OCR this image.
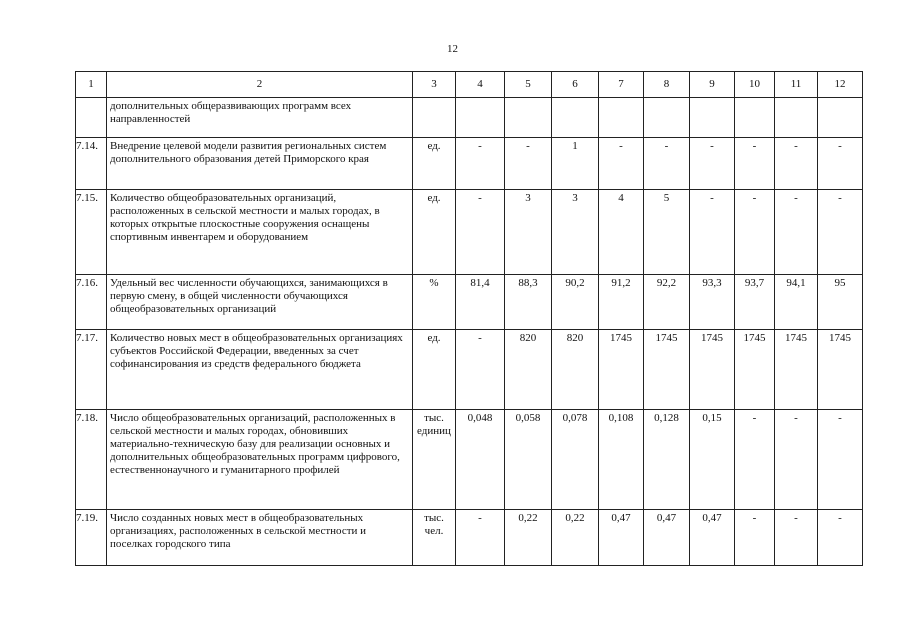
12
1	2	3	4	5	6	7	8	9	10	11	12
	дополнительных общеразвивающих программ всех направленностей										
7.14.	Внедрение целевой модели развития региональных систем дополнительного образования детей Приморского края	ед.	-	-	1	-	-	-	-	-	-
7.15.	Количество общеобразовательных организаций, расположенных в сельской местности и малых городах, в которых открытые плоскостные сооружения оснащены спортивным инвентарем и оборудованием	ед.	-	3	3	4	5	-	-	-	-
7.16.	Удельный вес численности обучающихся, занимающихся в первую смену, в общей численности обучающихся общеобразовательных организаций	%	81,4	88,3	90,2	91,2	92,2	93,3	93,7	94,1	95
7.17.	Количество новых мест в общеобразовательных организациях субъектов Российской Федерации, введенных за счет софинансирования из средств федерального бюджета	ед.	-	820	820	1745	1745	1745	1745	1745	1745
7.18.	Число общеобразовательных организаций, расположенных в сельской местности и малых городах, обновивших материально-техническую базу для реализации основных и дополнительных общеобразовательных программ цифрового, естественнонаучного и гуманитарного профилей	тыс. единиц	0,048	0,058	0,078	0,108	0,128	0,15	-	-	-
7.19.	Число созданных новых мест в общеобразовательных организациях, расположенных в сельской местности и поселках городского типа	тыс. чел.	-	0,22	0,22	0,47	0,47	0,47	-	-	-
